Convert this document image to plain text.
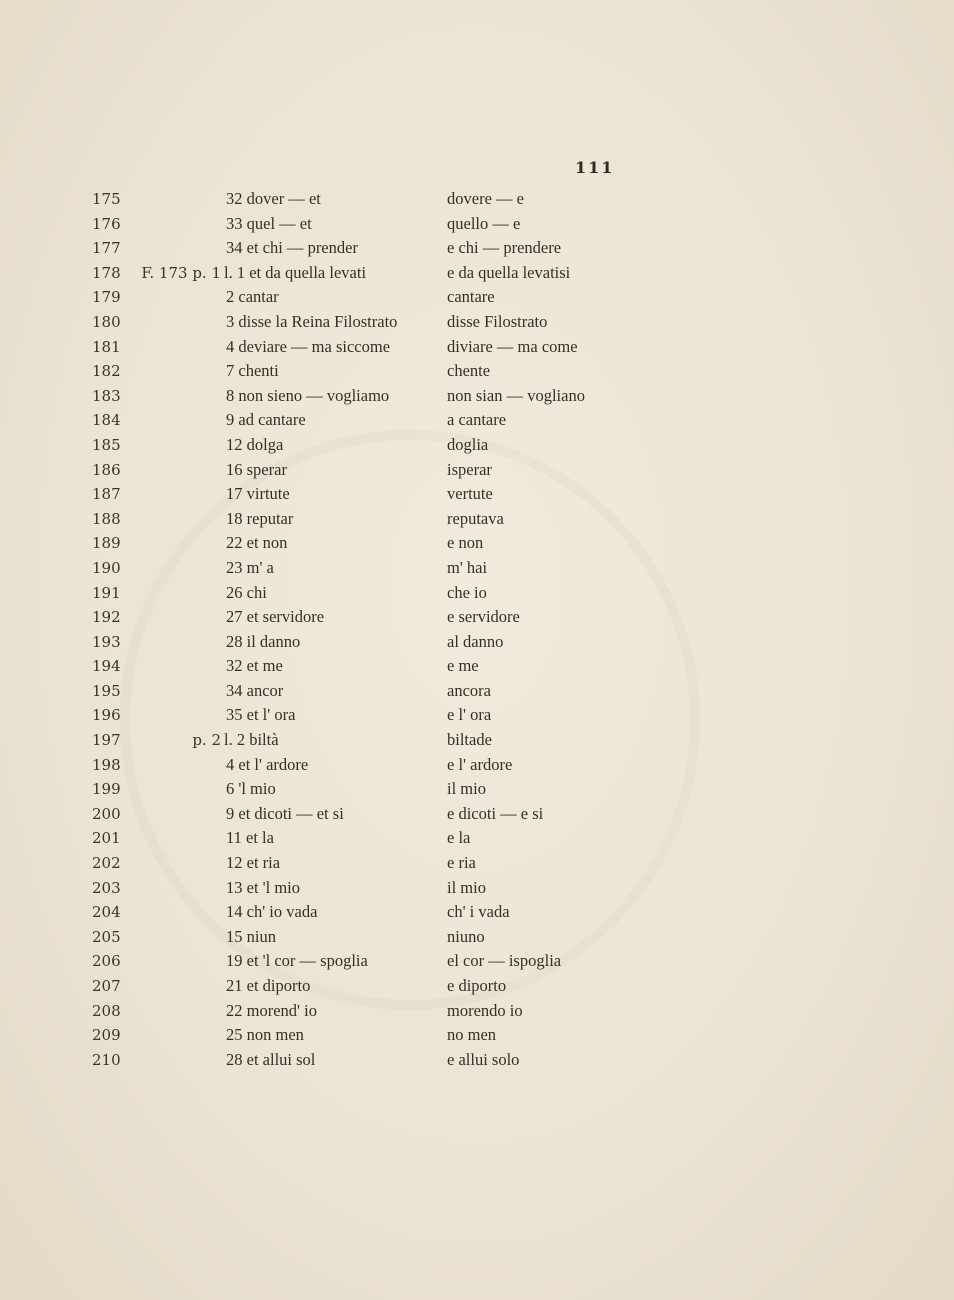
111
175	32 dover — et	dovere — e
176	33 quel — et	quello — e
177	34 et chi — prender	e chi — prendere
178	F. 173 p. 1 l. 1 et da quella levati	e da quella levatisi
179	2 cantar	cantare
180	3 disse la Reina Filostrato	disse Filostrato
181	4 deviare — ma siccome	diviare — ma come
182	7 chenti	chente
183	8 non sieno — vogliamo	non sian — vogliano
184	9 ad cantare	a cantare
185	12 dolga	doglia
186	16 sperar	isperar
187	17 virtute	vertute
188	18 reputar	reputava
189	22 et non	e non
190	23 m' a	m' hai
191	26 chi	che io
192	27 et servidore	e servidore
193	28 il danno	al danno
194	32 et me	e me
195	34 ancor	ancora
196	35 et l' ora	e l' ora
197	p. 2 l. 2 biltà	biltade
198	4 et l' ardore	e l' ardore
199	6 'l mio	il mio
200	9 et dicoti — et si	e dicoti — e si
201	11 et la	e la
202	12 et ria	e ria
203	13 et 'l mio	il mio
204	14 ch' io vada	ch' i vada
205	15 niun	niuno
206	19 et 'l cor — spoglia	el cor — ispoglia
207	21 et diporto	e diporto
208	22 morend' io	morendo io
209	25 non men	no men
210	28 et allui sol	e allui solo
